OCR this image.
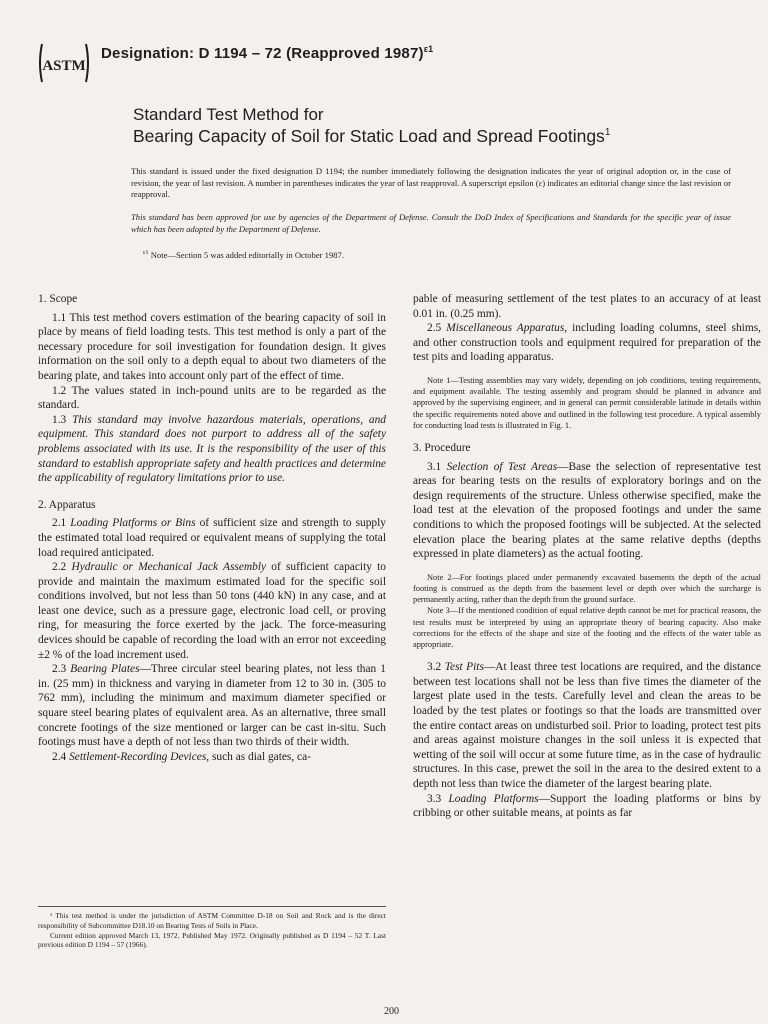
ASTM
Designation: D 1194 – 72 (Reapproved 1987)$^{\varepsilon 1}$
Standard Test Method for
Bearing Capacity of Soil for Static Load and Spread Footings$^1$
This standard is issued under the fixed designation D 1194; the number immediately following the designation indicates the year of original adoption or, in the case of revision, the year of last revision. A number in parentheses indicates the year of last reapproval. A superscript epsilon (ε) indicates an editorial change since the last revision or reapproval.
This standard has been approved for use by agencies of the Department of Defense. Consult the DoD Index of Specifications and Standards for the specific year of issue which has been adopted by the Department of Defense.
$^{\varepsilon 1}$ Note—Section 5 was added editorially in October 1987.

1. Scope

1.1 This test method covers estimation of the bearing capacity of soil in place by means of field loading tests. This test method is only a part of the necessary procedure for soil investigation for foundation design. It gives information on the soil only to a depth equal to about two diameters of the bearing plate, and takes into account only part of the effect of time.

1.2 The values stated in inch-pound units are to be regarded as the standard.

1.3 This standard may involve hazardous materials, operations, and equipment. This standard does not purport to address all of the safety problems associated with its use. It is the responsibility of the user of this standard to establish appropriate safety and health practices and determine the applicability of regulatory limitations prior to use.

2. Apparatus

2.1 Loading Platforms or Bins of sufficient size and strength to supply the estimated total load required or equivalent means of supplying the total load required anticipated.

2.2 Hydraulic or Mechanical Jack Assembly of sufficient capacity to provide and maintain the maximum estimated load for the specific soil conditions involved, but not less than 50 tons (440 kN) in any case, and at least one device, such as a pressure gage, electronic load cell, or proving ring, for measuring the force exerted by the jack. The force-measuring devices should be capable of recording the load with an error not exceeding ±2 % of the load increment used.

2.3 Bearing Plates—Three circular steel bearing plates, not less than 1 in. (25 mm) in thickness and varying in diameter from 12 to 30 in. (305 to 762 mm), including the minimum and maximum diameter specified or square steel bearing plates of equivalent area. As an alternative, three small concrete footings of the size mentioned or larger can be cast in-situ. Such footings must have a depth of not less than two thirds of their width.

2.4 Settlement-Recording Devices, such as dial gates, ca-

¹ This test method is under the jurisdiction of ASTM Committee D-18 on Soil and Rock and is the direct responsibility of Subcommittee D18.10 on Bearing Tests of Soils in Place.

Current edition approved March 13, 1972. Published May 1972. Originally published as D 1194 – 52 T. Last previous edition D 1194 – 57 (1966).

pable of measuring settlement of the test plates to an accuracy of at least 0.01 in. (0.25 mm).

2.5 Miscellaneous Apparatus, including loading columns, steel shims, and other construction tools and equipment required for preparation of the test pits and loading apparatus.

Note 1—Testing assemblies may vary widely, depending on job conditions, testing requirements, and equipment available. The testing assembly and program should be planned in advance and approved by the supervising engineer, and in general can permit considerable latitude in details within the specific requirements noted above and outlined in the following test procedure. A typical assembly for conducting load tests is illustrated in Fig. 1.

3. Procedure

3.1 Selection of Test Areas—Base the selection of representative test areas for bearing tests on the results of exploratory borings and on the design requirements of the structure. Unless otherwise specified, make the load test at the elevation of the proposed footings and under the same conditions to which the proposed footings will be subjected. At the selected elevation place the bearing plates at the same relative depths (depths expressed in plate diameters) as the actual footing.

Note 2—For footings placed under permanently excavated basements the depth of the actual footing is construed as the depth from the basement level or depth over which the surcharge is permanently acting, rather than the depth from the ground surface.

Note 3—If the mentioned condition of equal relative depth cannot be met for practical reasons, the test results must be interpreted by using an appropriate theory of bearing capacity. Also make corrections for the effects of the shape and size of the footing and the effects of the water table as appropriate.

3.2 Test Pits—At least three test locations are required, and the distance between test locations shall not be less than five times the diameter of the largest plate used in the tests. Carefully level and clean the areas to be loaded by the test plates or footings so that the loads are transmitted over the entire contact areas on undisturbed soil. Prior to loading, protect test pits and areas against moisture changes in the soil unless it is expected that wetting of the soil will occur at some future time, as in the case of hydraulic structures. In this case, prewet the soil in the area to the desired extent to a depth not less than twice the diameter of the largest bearing plate.

3.3 Loading Platforms—Support the loading platforms or bins by cribbing or other suitable means, at points as far

200
